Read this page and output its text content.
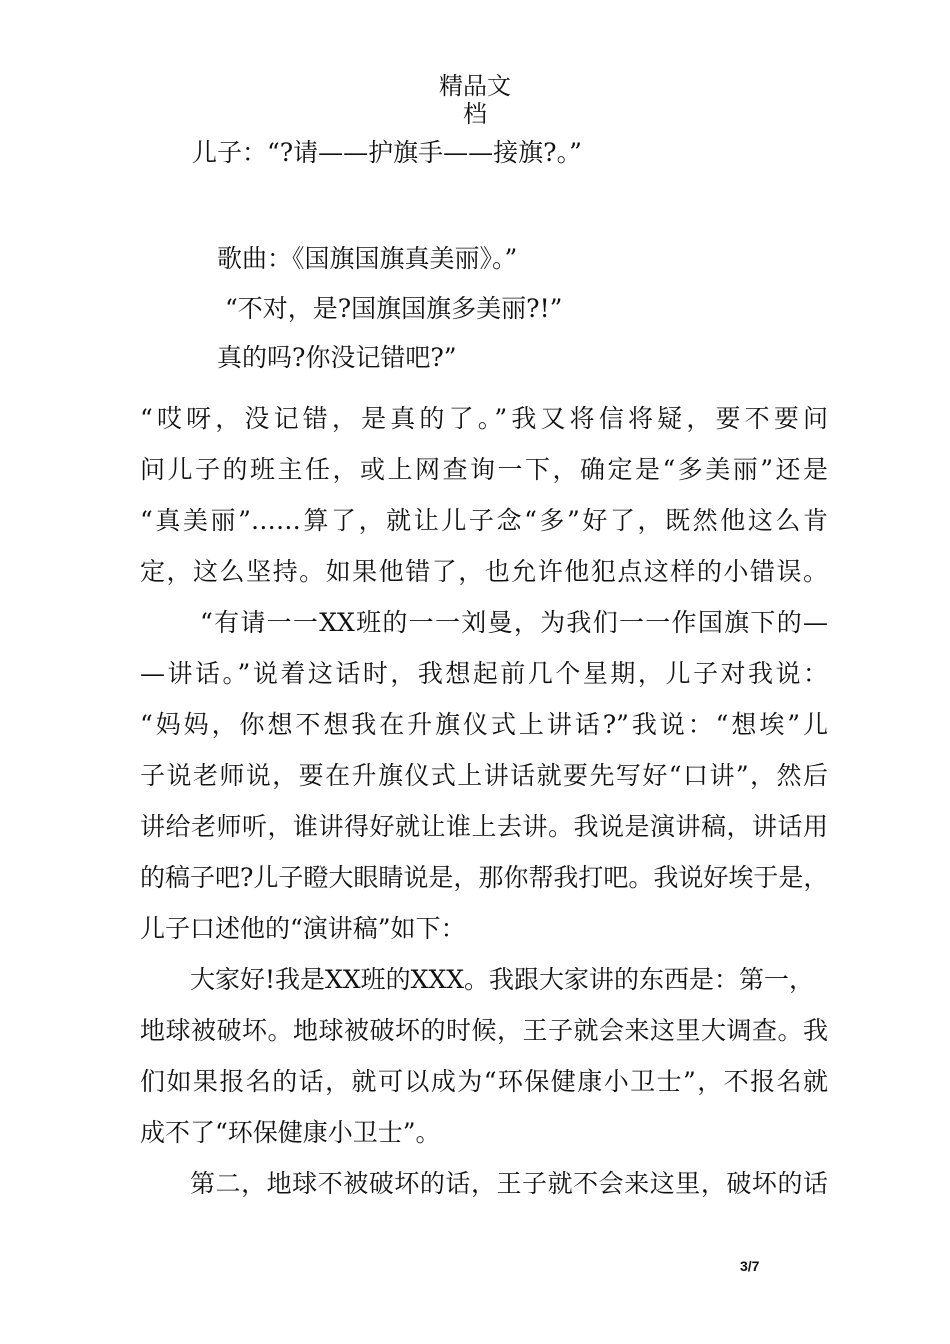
精品文
档
儿子：“?请——护旗手——接旗?。”
歌曲：《国旗国旗真美丽》。”
“不对，是?国旗国旗多美丽?!”
真的吗?你没记错吧?”
“哎呀，没记错，是真的了。”我又将信将疑，要不要问
问儿子的班主任，或上网查询一下，确定是“多美丽”还是
“真美丽”……算了，就让儿子念“多”好了，既然他这么肯
定，这么坚持。如果他错了，也允许他犯点这样的小错误。
“有请一一XX班的一一刘曼，为我们一一作国旗下的—
—讲话。”说着这话时，我想起前几个星期，儿子对我说：
“妈妈，你想不想我在升旗仪式上讲话?”我说：“想埃”儿
子说老师说，要在升旗仪式上讲话就要先写好“口讲”，然后
讲给老师听，谁讲得好就让谁上去讲。我说是演讲稿，讲话用
的稿子吧?儿子瞪大眼睛说是，那你帮我打吧。我说好埃于是，
儿子口述他的“演讲稿”如下：
大家好!我是XX班的XXX。我跟大家讲的东西是：第一，
地球被破坏。地球被破坏的时候，王子就会来这里大调查。我
们如果报名的话，就可以成为“环保健康小卫士”，不报名就
成不了“环保健康小卫士”。
第二，地球不被破坏的话，王子就不会来这里，破坏的话
3/7
